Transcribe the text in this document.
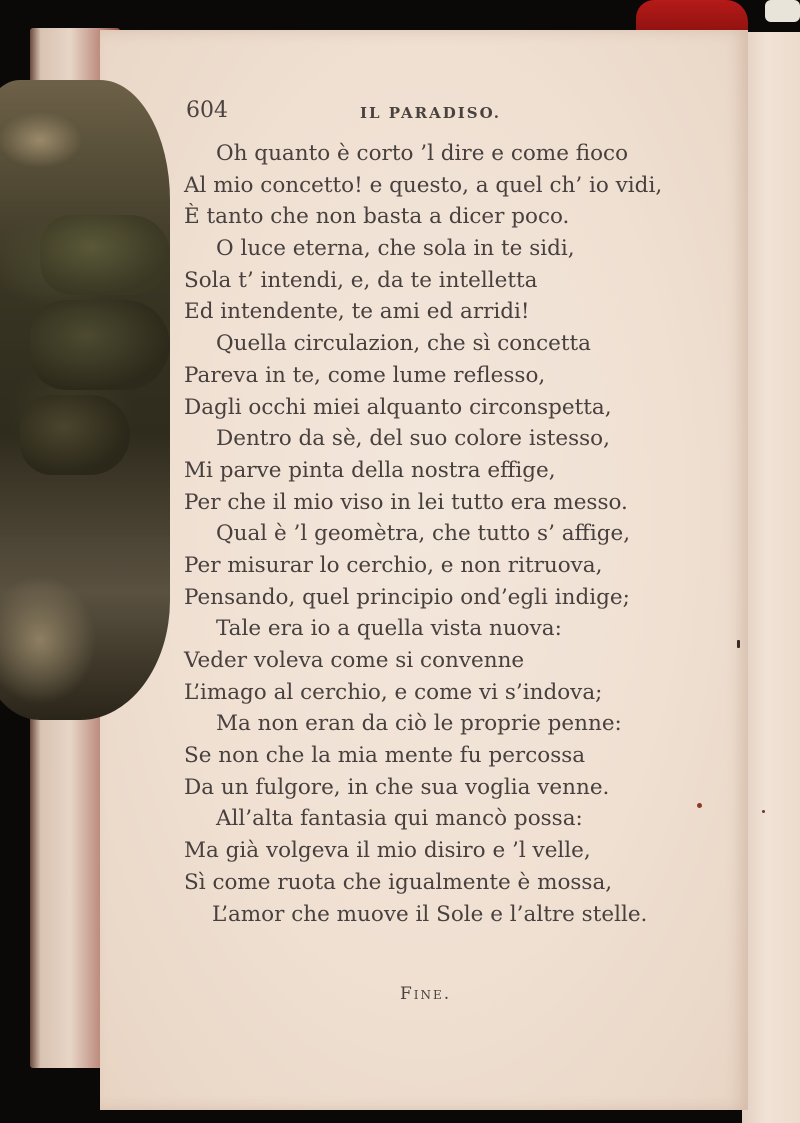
604	IL PARADISO.
Oh quanto è corto ’l dire e come fioco
Al mio concetto! e questo, a quel ch’ io vidi,
È tanto che non basta a dicer poco.
O luce eterna, che sola in te sidi,
Sola t’ intendi, e, da te intelletta
Ed intendente, te ami ed arridi!
Quella circulazion, che sì concetta
Pareva in te, come lume reflesso,
Dagli occhi miei alquanto circonspetta,
Dentro da sè, del suo colore istesso,
Mi parve pinta della nostra effige,
Per che il mio viso in lei tutto era messo.
Qual è ’l geomètra, che tutto s’ affige,
Per misurar lo cerchio, e non ritruova,
Pensando, quel principio ond’egli indige;
Tale era io a quella vista nuova:
Veder voleva come si convenne
L’imago al cerchio, e come vi s’indova;
Ma non eran da ciò le proprie penne:
Se non che la mia mente fu percossa
Da un fulgore, in che sua voglia venne.
All’alta fantasia qui mancò possa:
Ma già volgeva il mio disiro e ’l velle,
Sì come ruota che igualmente è mossa,
L’amor che muove il Sole e l’altre stelle.
Fine.
